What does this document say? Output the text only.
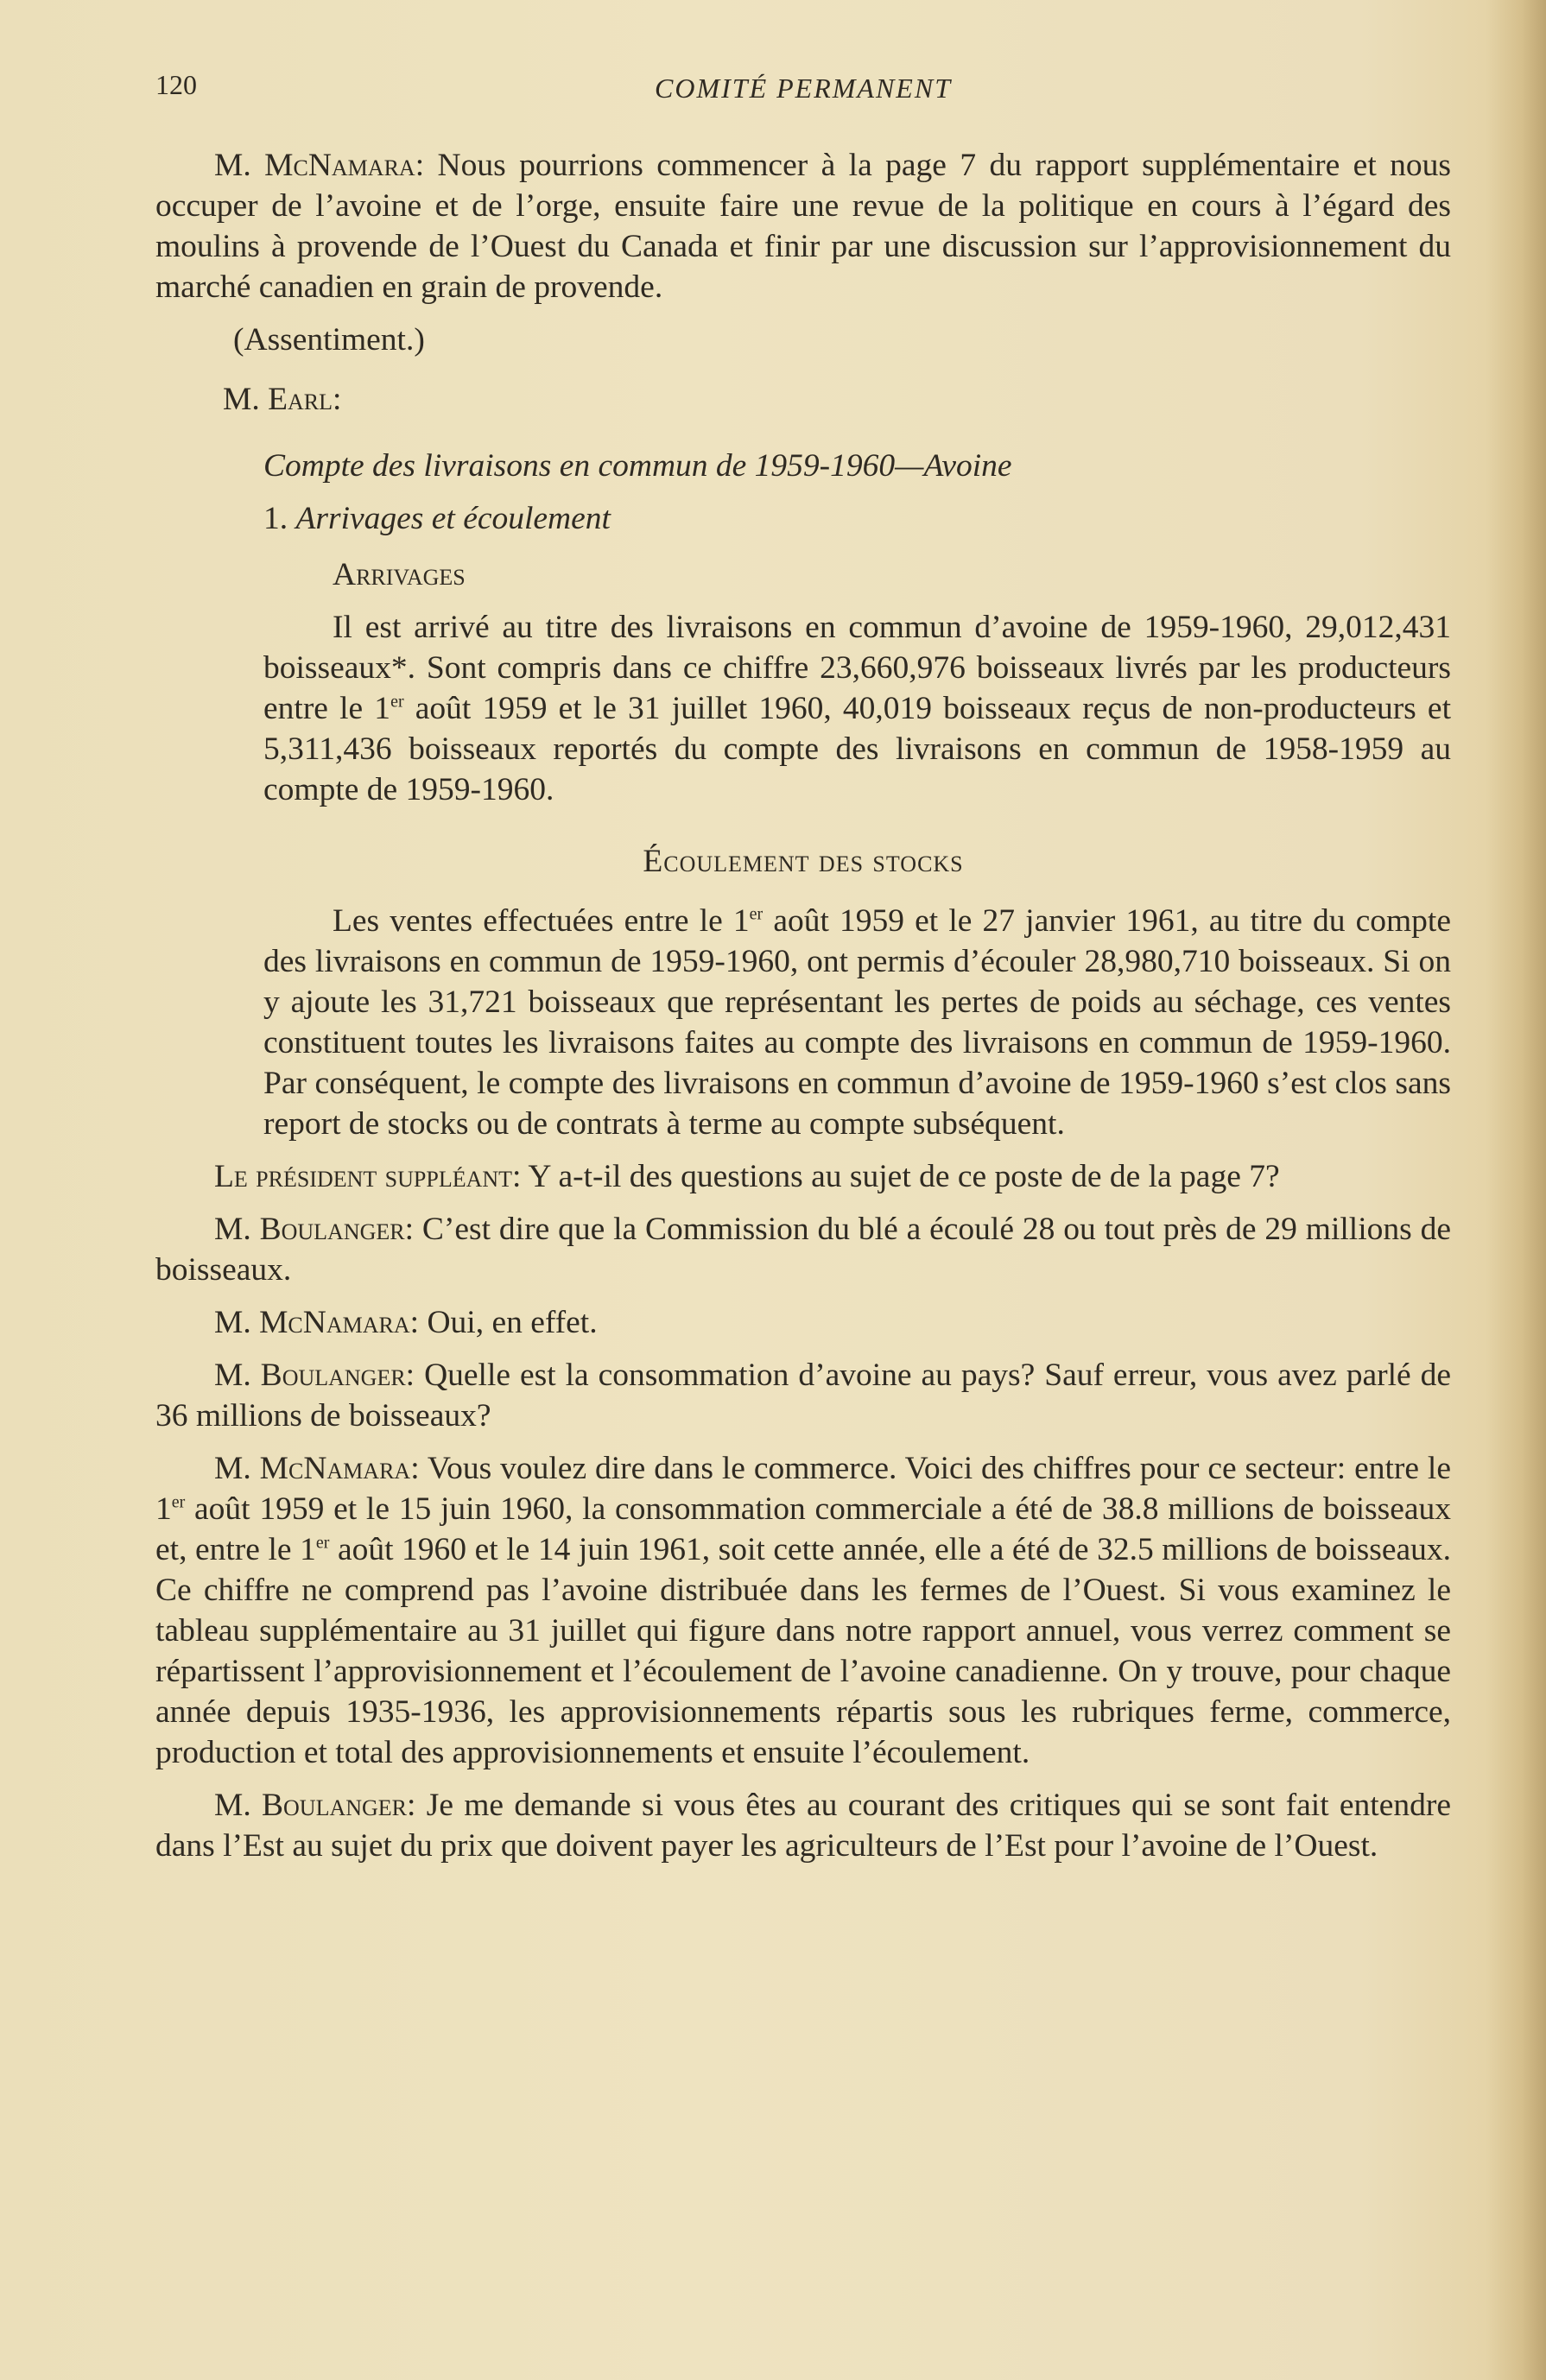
120	COMITÉ PERMANENT

M. McNamara: Nous pourrions commencer à la page 7 du rapport supplémentaire et nous occuper de l’avoine et de l’orge, ensuite faire une revue de la politique en cours à l’égard des moulins à provende de l’Ouest du Canada et finir par une discussion sur l’approvisionnement du marché canadien en grain de provende.

(Assentiment.)

M. Earl:

Compte des livraisons en commun de 1959-1960—Avoine

1. Arrivages et écoulement

Arrivages

Il est arrivé au titre des livraisons en commun d’avoine de 1959-1960, 29,012,431 boisseaux*. Sont compris dans ce chiffre 23,660,976 boisseaux livrés par les producteurs entre le 1er août 1959 et le 31 juillet 1960, 40,019 boisseaux reçus de non-producteurs et 5,311,436 boisseaux reportés du compte des livraisons en commun de 1958-1959 au compte de 1959-1960.

Écoulement des stocks

Les ventes effectuées entre le 1er août 1959 et le 27 janvier 1961, au titre du compte des livraisons en commun de 1959-1960, ont permis d’écouler 28,980,710 boisseaux. Si on y ajoute les 31,721 boisseaux que représentant les pertes de poids au séchage, ces ventes constituent toutes les livraisons faites au compte des livraisons en commun de 1959-1960. Par conséquent, le compte des livraisons en commun d’avoine de 1959-1960 s’est clos sans report de stocks ou de contrats à terme au compte subséquent.

Le président suppléant: Y a-t-il des questions au sujet de ce poste de de la page 7?

M. Boulanger: C’est dire que la Commission du blé a écoulé 28 ou tout près de 29 millions de boisseaux.

M. McNamara: Oui, en effet.

M. Boulanger: Quelle est la consommation d’avoine au pays? Sauf erreur, vous avez parlé de 36 millions de boisseaux?

M. McNamara: Vous voulez dire dans le commerce. Voici des chiffres pour ce secteur: entre le 1er août 1959 et le 15 juin 1960, la consommation commerciale a été de 38.8 millions de boisseaux et, entre le 1er août 1960 et le 14 juin 1961, soit cette année, elle a été de 32.5 millions de boisseaux. Ce chiffre ne comprend pas l’avoine distribuée dans les fermes de l’Ouest. Si vous examinez le tableau supplémentaire au 31 juillet qui figure dans notre rapport annuel, vous verrez comment se répartissent l’approvisionnement et l’écoulement de l’avoine canadienne. On y trouve, pour chaque année depuis 1935-1936, les approvisionnements répartis sous les rubriques ferme, commerce, production et total des approvisionnements et ensuite l’écoulement.

M. Boulanger: Je me demande si vous êtes au courant des critiques qui se sont fait entendre dans l’Est au sujet du prix que doivent payer les agriculteurs de l’Est pour l’avoine de l’Ouest.
